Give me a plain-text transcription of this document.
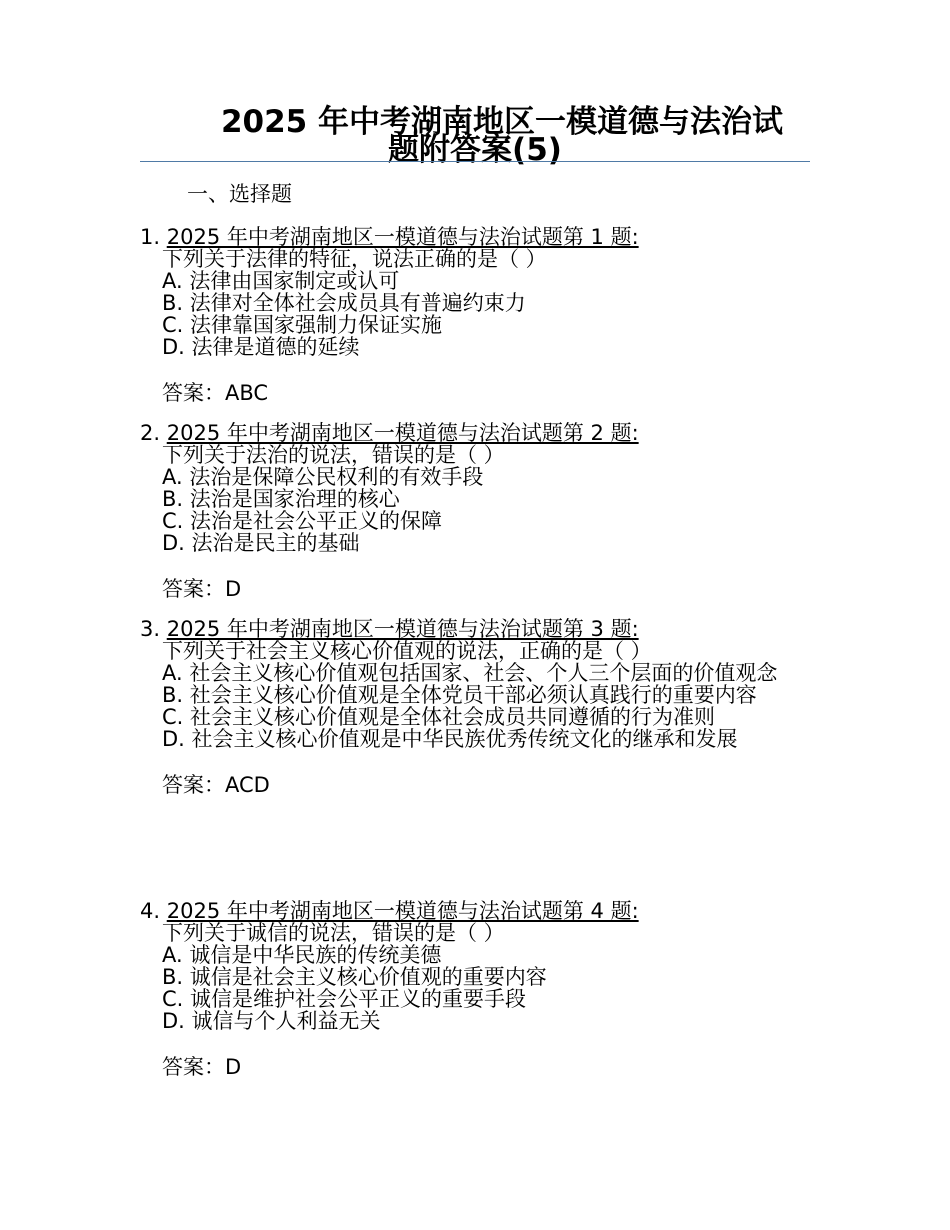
2025 年中考湖南地区一模道德与法治试
题附答案(5)
一、选择题
1. 2025 年中考湖南地区一模道德与法治试题第 1 题:
下列关于法律的特征，说法正确的是（ ）
A. 法律由国家制定或认可
B. 法律对全体社会成员具有普遍约束力
C. 法律靠国家强制力保证实施
D. 法律是道德的延续
答案：ABC
2. 2025 年中考湖南地区一模道德与法治试题第 2 题:
下列关于法治的说法，错误的是（ ）
A. 法治是保障公民权利的有效手段
B. 法治是国家治理的核心
C. 法治是社会公平正义的保障
D. 法治是民主的基础
答案：D
3. 2025 年中考湖南地区一模道德与法治试题第 3 题:
下列关于社会主义核心价值观的说法，正确的是（ ）
A. 社会主义核心价值观包括国家、社会、个人三个层面的价值观念
B. 社会主义核心价值观是全体党员干部必须认真践行的重要内容
C. 社会主义核心价值观是全体社会成员共同遵循的行为准则
D. 社会主义核心价值观是中华民族优秀传统文化的继承和发展
答案：ACD
4. 2025 年中考湖南地区一模道德与法治试题第 4 题:
下列关于诚信的说法，错误的是（ ）
A. 诚信是中华民族的传统美德
B. 诚信是社会主义核心价值观的重要内容
C. 诚信是维护社会公平正义的重要手段
D. 诚信与个人利益无关
答案：D
